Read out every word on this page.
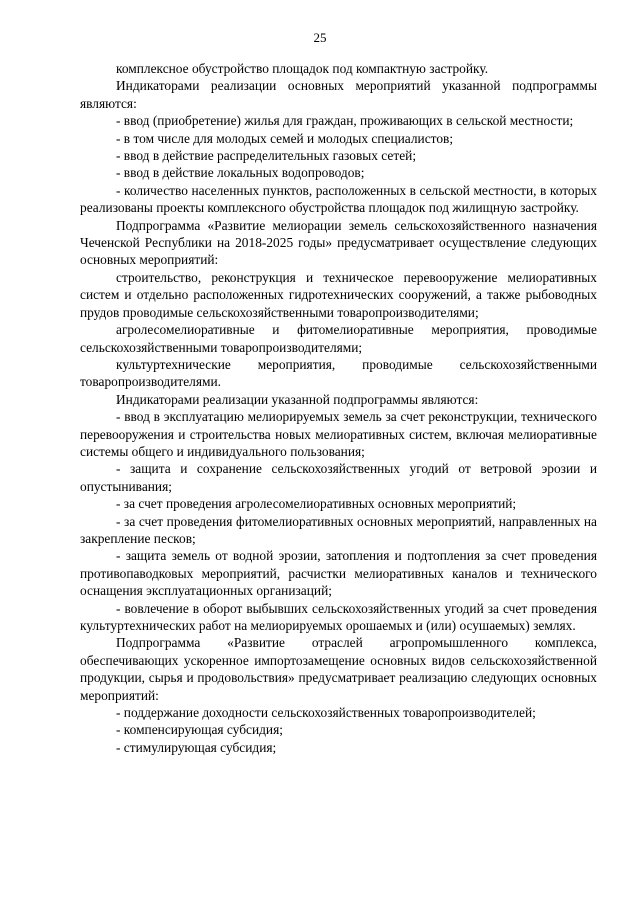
25

комплексное обустройство площадок под компактную застройку.

Индикаторами реализации основных мероприятий указанной подпрограммы являются:

- ввод (приобретение) жилья для граждан, проживающих в сельской местности;

- в том числе для молодых семей и молодых специалистов;

- ввод в действие распределительных газовых сетей;

- ввод в действие локальных водопроводов;

- количество населенных пунктов, расположенных в сельской местности, в которых реализованы проекты комплексного обустройства площадок под жилищную застройку.

Подпрограмма «Развитие мелиорации земель сельскохозяйственного назначения Чеченской Республики на 2018-2025 годы» предусматривает осуществление следующих основных мероприятий:

строительство, реконструкция и техническое перевооружение мелиоративных систем и отдельно расположенных гидротехнических сооружений, а также рыбоводных прудов проводимые сельскохозяйственными товаропроизводителями;

агролесомелиоративные и фитомелиоративные мероприятия, проводимые сельскохозяйственными товаропроизводителями;

культуртехнические мероприятия, проводимые сельскохозяйственными товаропроизводителями.

Индикаторами реализации указанной подпрограммы являются:

- ввод в эксплуатацию мелиорируемых земель за счет реконструкции, технического перевооружения и строительства новых мелиоративных систем, включая мелиоративные системы общего и индивидуального пользования;

- защита и сохранение сельскохозяйственных угодий от ветровой эрозии и опустынивания;

- за счет проведения агролесомелиоративных основных мероприятий;

- за счет проведения фитомелиоративных основных мероприятий, направленных на закрепление песков;

- защита земель от водной эрозии, затопления и подтопления за счет проведения противопаводковых мероприятий, расчистки мелиоративных каналов и технического оснащения эксплуатационных организаций;

- вовлечение в оборот выбывших сельскохозяйственных угодий за счет проведения культуртехнических работ на мелиорируемых орошаемых и (или) осушаемых) землях.

Подпрограмма «Развитие отраслей агропромышленного комплекса, обеспечивающих ускоренное импортозамещение основных видов сельскохозяйственной продукции, сырья и продовольствия» предусматривает реализацию следующих основных мероприятий:

- поддержание доходности сельскохозяйственных товаропроизводителей;

- компенсирующая субсидия;

- стимулирующая субсидия;
